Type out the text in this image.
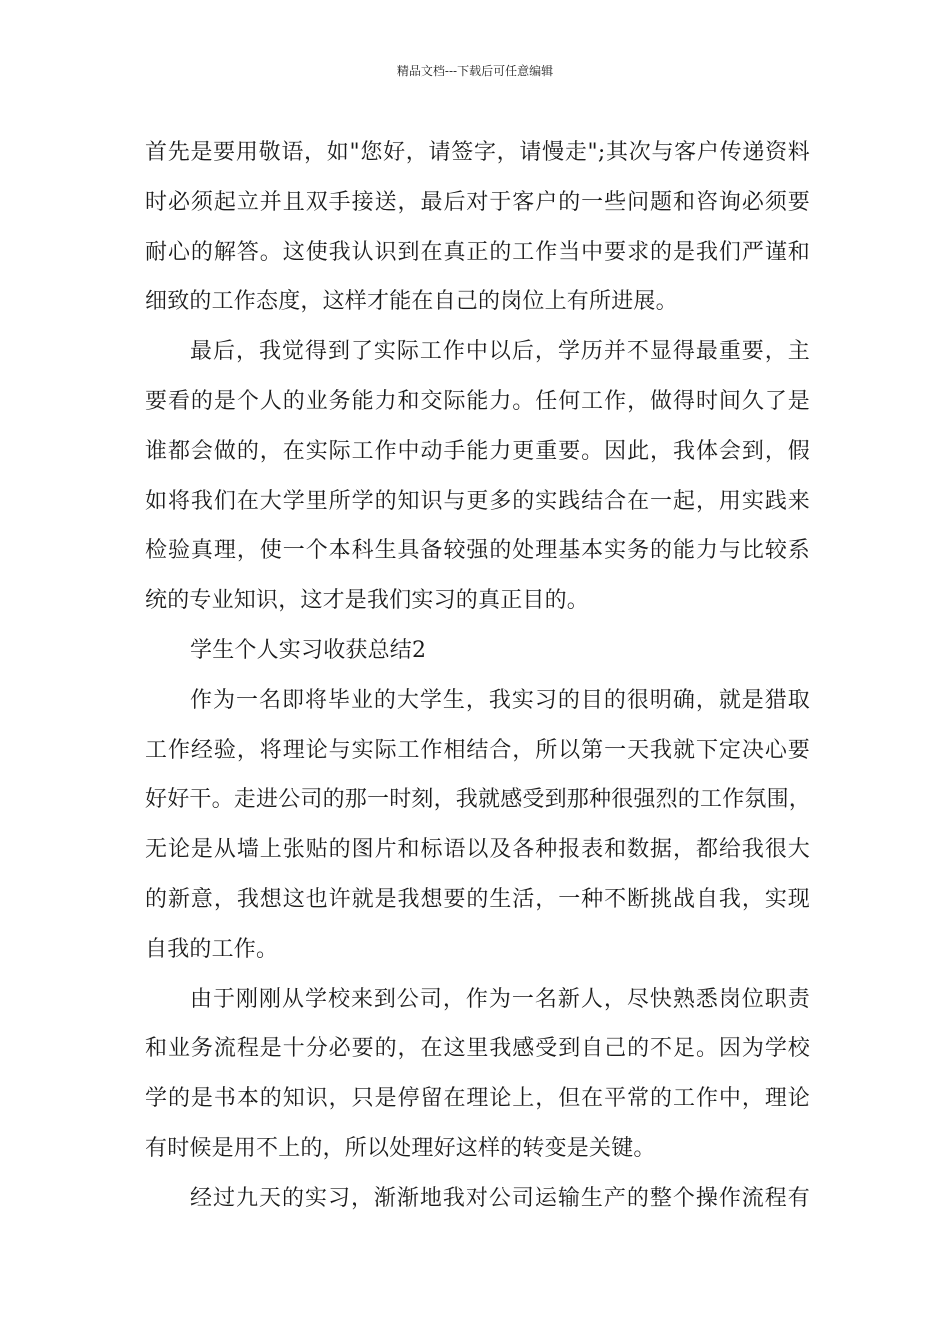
精品文档---下载后可任意编辑
首先是要用敬语，如"您好，请签字，请慢走";其次与客户传递资料
时必须起立并且双手接送，最后对于客户的一些问题和咨询必须要
耐心的解答。这使我认识到在真正的工作当中要求的是我们严谨和
细致的工作态度，这样才能在自己的岗位上有所进展。
最后，我觉得到了实际工作中以后，学历并不显得最重要，主
要看的是个人的业务能力和交际能力。任何工作，做得时间久了是
谁都会做的，在实际工作中动手能力更重要。因此，我体会到，假
如将我们在大学里所学的知识与更多的实践结合在一起，用实践来
检验真理，使一个本科生具备较强的处理基本实务的能力与比较系
统的专业知识，这才是我们实习的真正目的。
学生个人实习收获总结2
作为一名即将毕业的大学生，我实习的目的很明确，就是猎取
工作经验，将理论与实际工作相结合，所以第一天我就下定决心要
好好干。走进公司的那一时刻，我就感受到那种很强烈的工作氛围，
无论是从墙上张贴的图片和标语以及各种报表和数据，都给我很大
的新意，我想这也许就是我想要的生活，一种不断挑战自我，实现
自我的工作。
由于刚刚从学校来到公司，作为一名新人，尽快熟悉岗位职责
和业务流程是十分必要的，在这里我感受到自己的不足。因为学校
学的是书本的知识，只是停留在理论上，但在平常的工作中，理论
有时候是用不上的，所以处理好这样的转变是关键。
经过九天的实习，渐渐地我对公司运输生产的整个操作流程有
